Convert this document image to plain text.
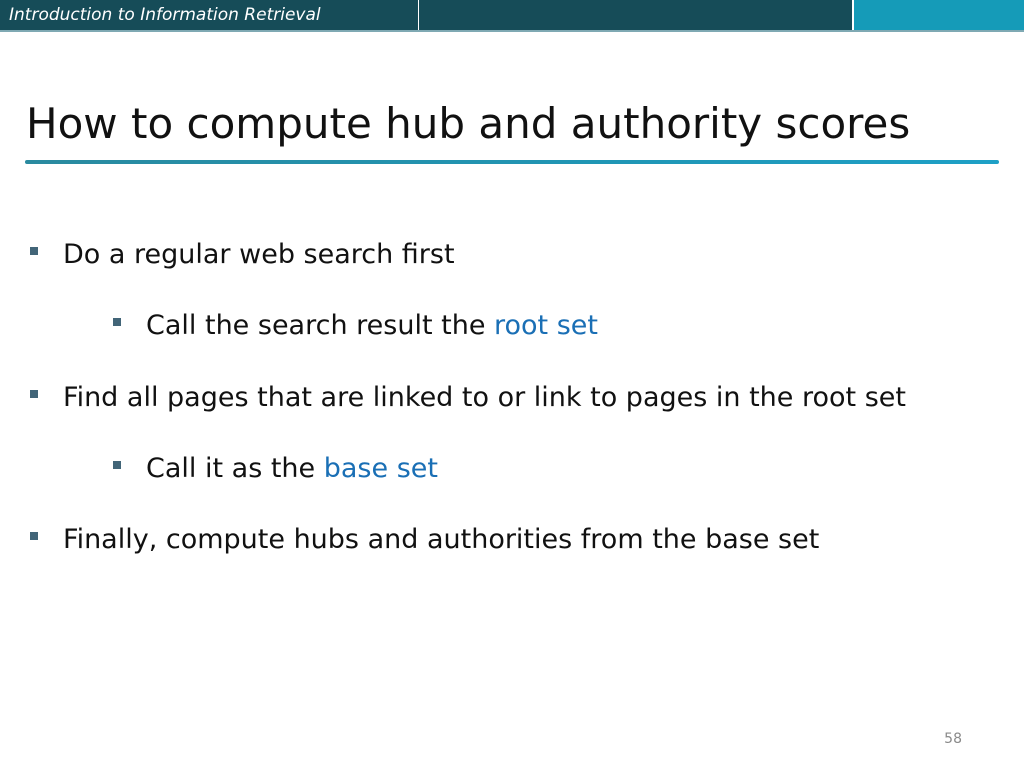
Introduction to Information Retrieval
How to compute hub and authority scores
Do a regular web search first
Call the search result the root set
Find all pages that are linked to or link to pages in the root set
Call it as the base set
Finally, compute hubs and authorities from the base set
58
